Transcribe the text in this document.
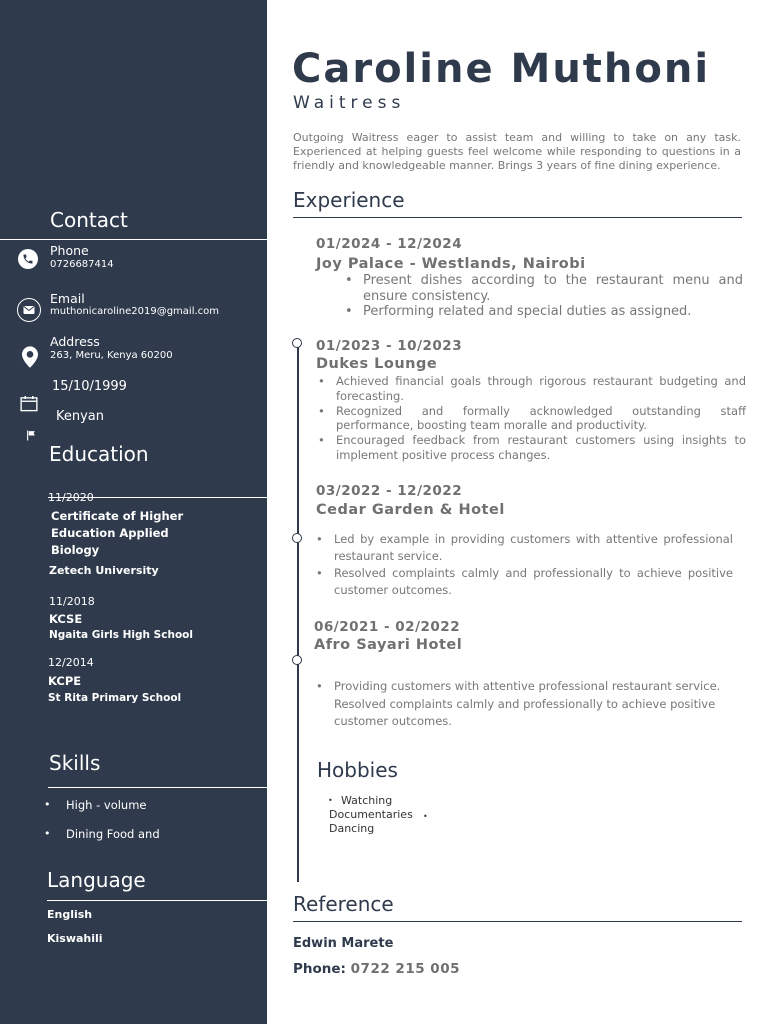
Contact
Phone
0726687414
Email
muthonicaroline2019@gmail.com
Address
263, Meru, Kenya 60200
15/10/1999
Kenyan
Education
11/2020
Certificate of Higher
Education Applied
Biology
Zetech University
11/2018
KCSE
Ngaita Girls High School
12/2014
KCPE
St Rita Primary School
Skills
• High - volume
• Dining Food and
Language
English
Kiswahili
Caroline Muthoni
Waitress
Outgoing Waitress eager to assist team and willing to take on any task. Experienced at helping guests feel welcome while responding to questions in a friendly and knowledgeable manner. Brings 3 years of fine dining experience.
Experience
01/2024 - 12/2024
Joy Palace - Westlands, Nairobi
• Present dishes according to the restaurant menu and ensure consistency.
• Performing related and special duties as assigned.
01/2023 - 10/2023
Dukes Lounge
• Achieved financial goals through rigorous restaurant budgeting and forecasting.
• Recognized and formally acknowledged outstanding staff performance, boosting team moralle and productivity.
• Encouraged feedback from restaurant customers using insights to implement positive process changes.
03/2022 - 12/2022
Cedar Garden & Hotel
• Led by example in providing customers with attentive professional restaurant service.
• Resolved complaints calmly and professionally to achieve positive customer outcomes.
06/2021 - 02/2022
Afro Sayari Hotel
• Providing customers with attentive professional restaurant service. Resolved complaints calmly and professionally to achieve positive customer outcomes.
Hobbies
• Watching Documentaries	•
Dancing
Reference
Edwin Marete
Phone: 0722 215 005
